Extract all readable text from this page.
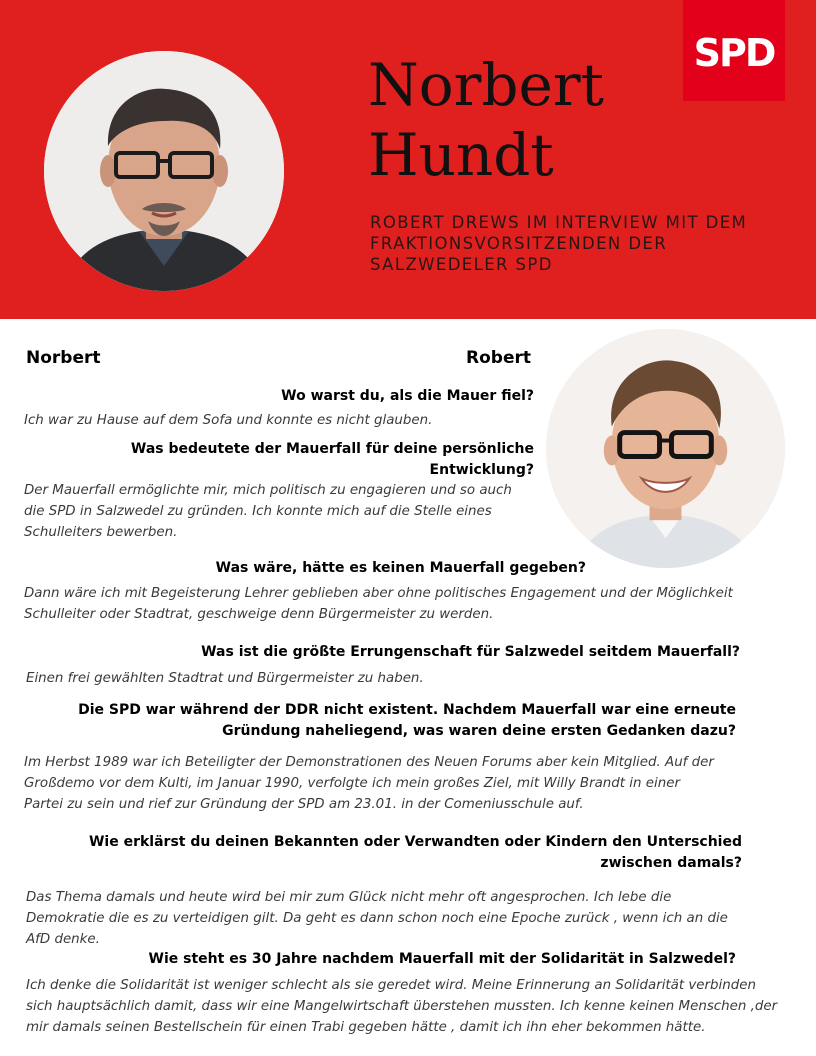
SPD
Norbert
Hundt

ROBERT DREWS IM INTERVIEW MIT DEM FRAKTIONSVORSITZENDEN DER SALZWEDELER SPD

Norbert	Robert

Wo warst du, als die Mauer fiel?

Ich war zu Hause auf dem Sofa und konnte es nicht glauben.

Was bedeutete der Mauerfall für deine persönliche Entwicklung?

Der Mauerfall ermöglichte mir, mich politisch zu engagieren und so auch die SPD in Salzwedel zu gründen. Ich konnte mich auf die Stelle eines Schulleiters bewerben.

Was wäre, hätte es keinen Mauerfall gegeben?

Dann wäre ich mit Begeisterung Lehrer geblieben aber ohne politisches Engagement und der Möglichkeit Schulleiter oder Stadtrat, geschweige denn Bürgermeister zu werden.

Was ist die größte Errungenschaft für Salzwedel seitdem Mauerfall?

Einen frei gewählten Stadtrat und Bürgermeister zu haben.

Die SPD war während der DDR nicht existent. Nachdem Mauerfall war eine erneute Gründung naheliegend, was waren deine ersten Gedanken dazu?

Im Herbst 1989 war ich Beteiligter der Demonstrationen des Neuen Forums aber kein Mitglied. Auf der Großdemo vor dem Kulti, im Januar 1990, verfolgte ich mein großes Ziel, mit Willy Brandt in einer Partei zu sein und rief zur Gründung der SPD am 23.01. in der Comeniusschule auf.

Wie erklärst du deinen Bekannten oder Verwandten oder Kindern den Unterschied zwischen damals?

Das Thema damals und heute wird bei mir zum Glück nicht mehr oft angesprochen. Ich lebe die Demokratie die es zu verteidigen gilt. Da geht es dann schon noch eine Epoche zurück , wenn ich an die AfD denke.

Wie steht es 30 Jahre nachdem Mauerfall mit der Solidarität in Salzwedel?

Ich denke die Solidarität ist weniger schlecht als sie geredet wird. Meine Erinnerung an Solidarität verbinden sich hauptsächlich damit, dass wir eine Mangelwirtschaft überstehen mussten. Ich kenne keinen Menschen ,der mir damals seinen Bestellschein für einen Trabi gegeben hätte , damit ich ihn eher bekommen hätte.
